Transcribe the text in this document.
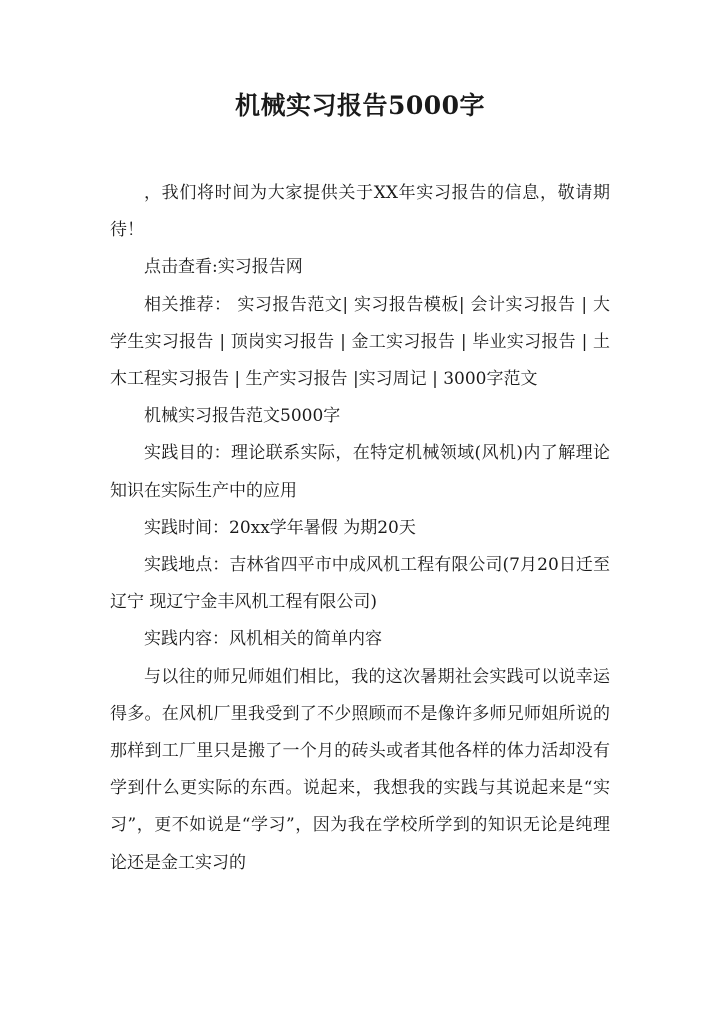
机械实习报告5000字

，我们将时间为大家提供关于XX年实习报告的信息，敬请期待！

点击查看:实习报告网

相关推荐： 实习报告范文| 实习报告模板| 会计实习报告 | 大学生实习报告 | 顶岗实习报告 | 金工实习报告 | 毕业实习报告 | 土木工程实习报告 | 生产实习报告 |实习周记 | 3000字范文

机械实习报告范文5000字

实践目的：理论联系实际，在特定机械领域(风机)内了解理论知识在实际生产中的应用

实践时间：20xx学年暑假 为期20天

实践地点：吉林省四平市中成风机工程有限公司(7月20日迁至辽宁 现辽宁金丰风机工程有限公司)

实践内容：风机相关的简单内容

与以往的师兄师姐们相比，我的这次暑期社会实践可以说幸运得多。在风机厂里我受到了不少照顾而不是像许多师兄师姐所说的那样到工厂里只是搬了一个月的砖头或者其他各样的体力活却没有学到什么更实际的东西。说起来，我想我的实践与其说起来是“实习”，更不如说是“学习”，因为我在学校所学到的知识无论是纯理论还是金工实习的
